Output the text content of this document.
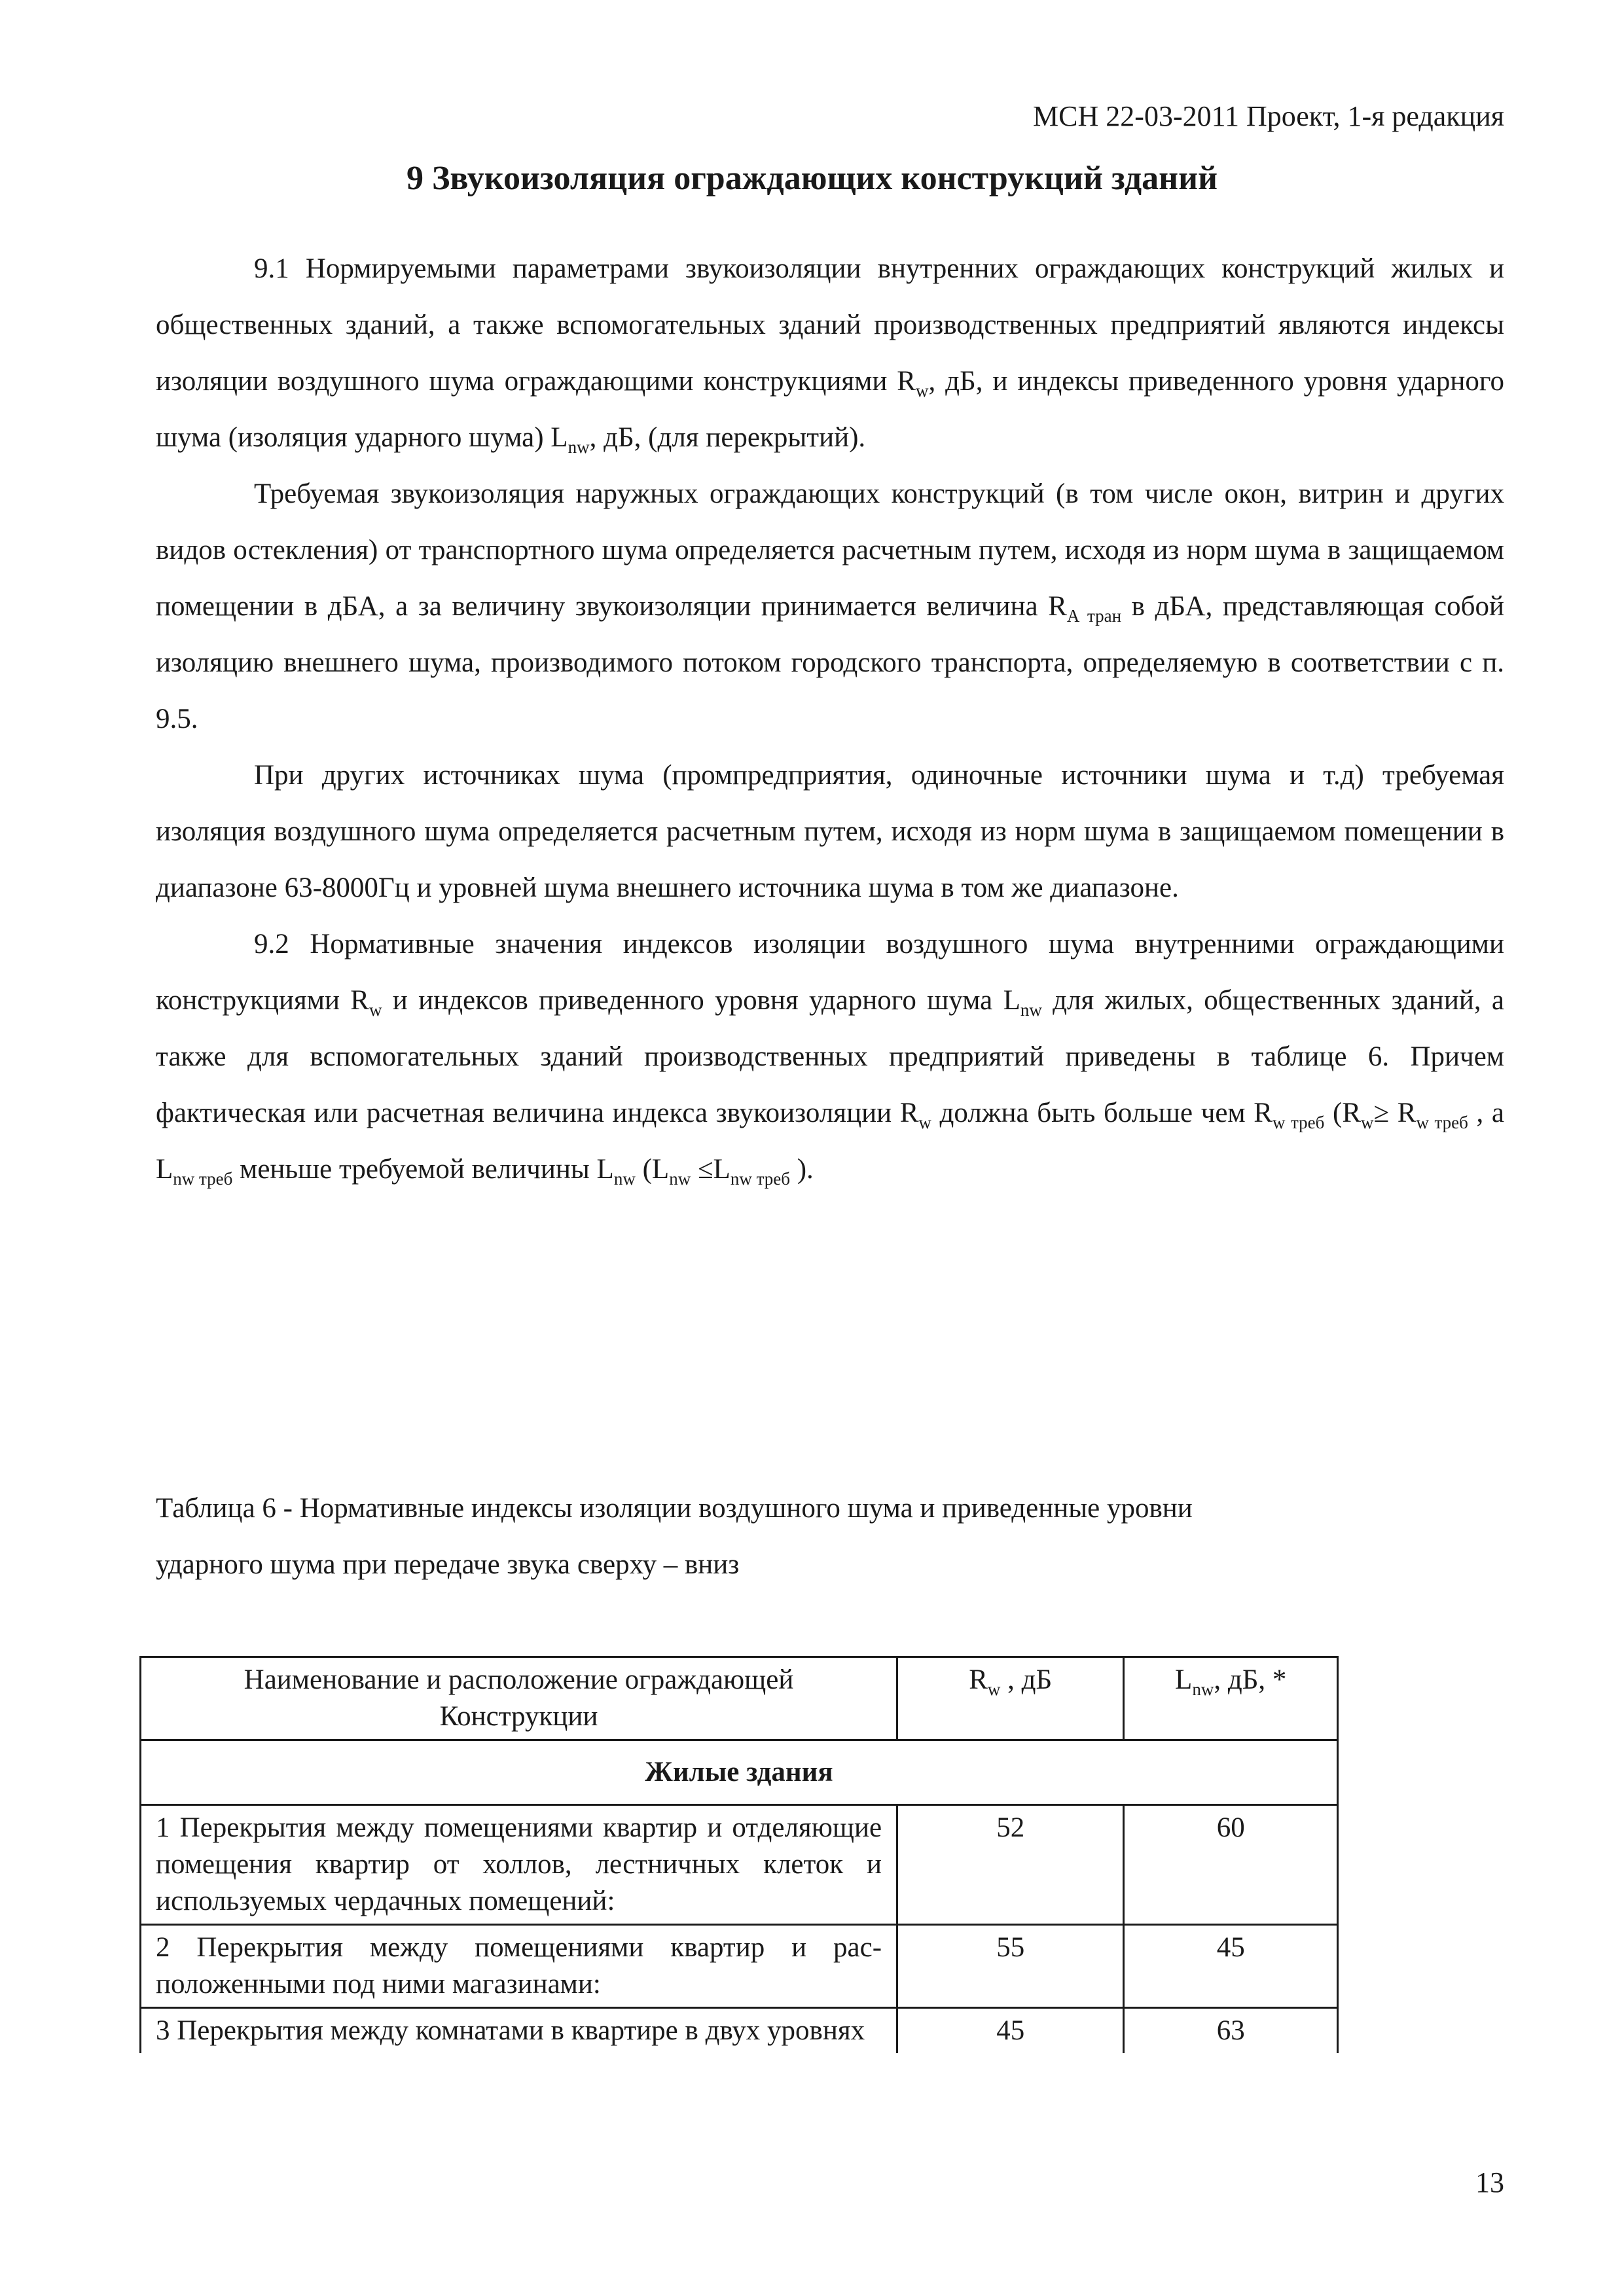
МСН 22-03-2011 Проект, 1-я редакция
9 Звукоизоляция ограждающих конструкций зданий

9.1 Нормируемыми параметрами звукоизоляции внутренних ограждающих конструкций жилых и общественных зданий, а также вспомогательных зданий производственных предприятий являются индексы изоляции воздушного шума ограждающими конструкциями $R_w$, дБ, и индексы приведенного уровня ударного шума (изоляция ударного шума) $L_{nw}$, дБ, (для перекрытий).

Требуемая звукоизоляция наружных ограждающих конструкций (в том числе окон, витрин и других видов остекления) от транспортного шума определяется расчетным путем, исходя из норм шума в защищаемом помещении в дБА, а за величину звукоизоляции принимается величина $R_{А тран}$ в дБА, представляющая собой изоляцию внешнего шума, производимого потоком городского транспорта, определяемую в соответствии с п. 9.5.

При других источниках шума (промпредприятия, одиночные источники шума и т.д) требуемая изоляция воздушного шума определяется расчетным путем, исходя из норм шума в защищаемом помещении в диапазоне 63-8000Гц и уровней шума внешнего источника шума в том же диапазоне.

9.2 Нормативные значения индексов изоляции воздушного шума внутренними ограждающими конструкциями $R_w$ и индексов приведенного уровня ударного шума $L_{nw}$ для жилых, общественных зданий, а также для вспомогательных зданий производственных предприятий приведены в таблице 6. Причем фактическая или расчетная величина индекса звукоизоляции $R_w$ должна быть больше чем $R_{w треб}$ ($R_w\ge R_{w треб}$ , а $L_{nw треб}$ меньше требуемой величины $L_{nw}$ ($L_{nw} \le L_{nw треб}$ ).

Таблица 6 - Нормативные индексы изоляции воздушного шума и приведенные уровни
ударного шума при передаче звука сверху – вниз
Наименование и расположение ограждающей
Конструкции	$R_w$ , дБ	$L_{nw}$, дБ, *
Жилые здания		
1 Перекрытия между помещениями квартир и отделяющие помещения квартир от холлов, лестничных клеток и используемых чердачных помещений:	52	60
2 Перекрытия между помещениями квартир и расположенными под ними магазинами:	55	45
3 Перекрытия между комнатами в квартире в двух уровнях	45	63
13
